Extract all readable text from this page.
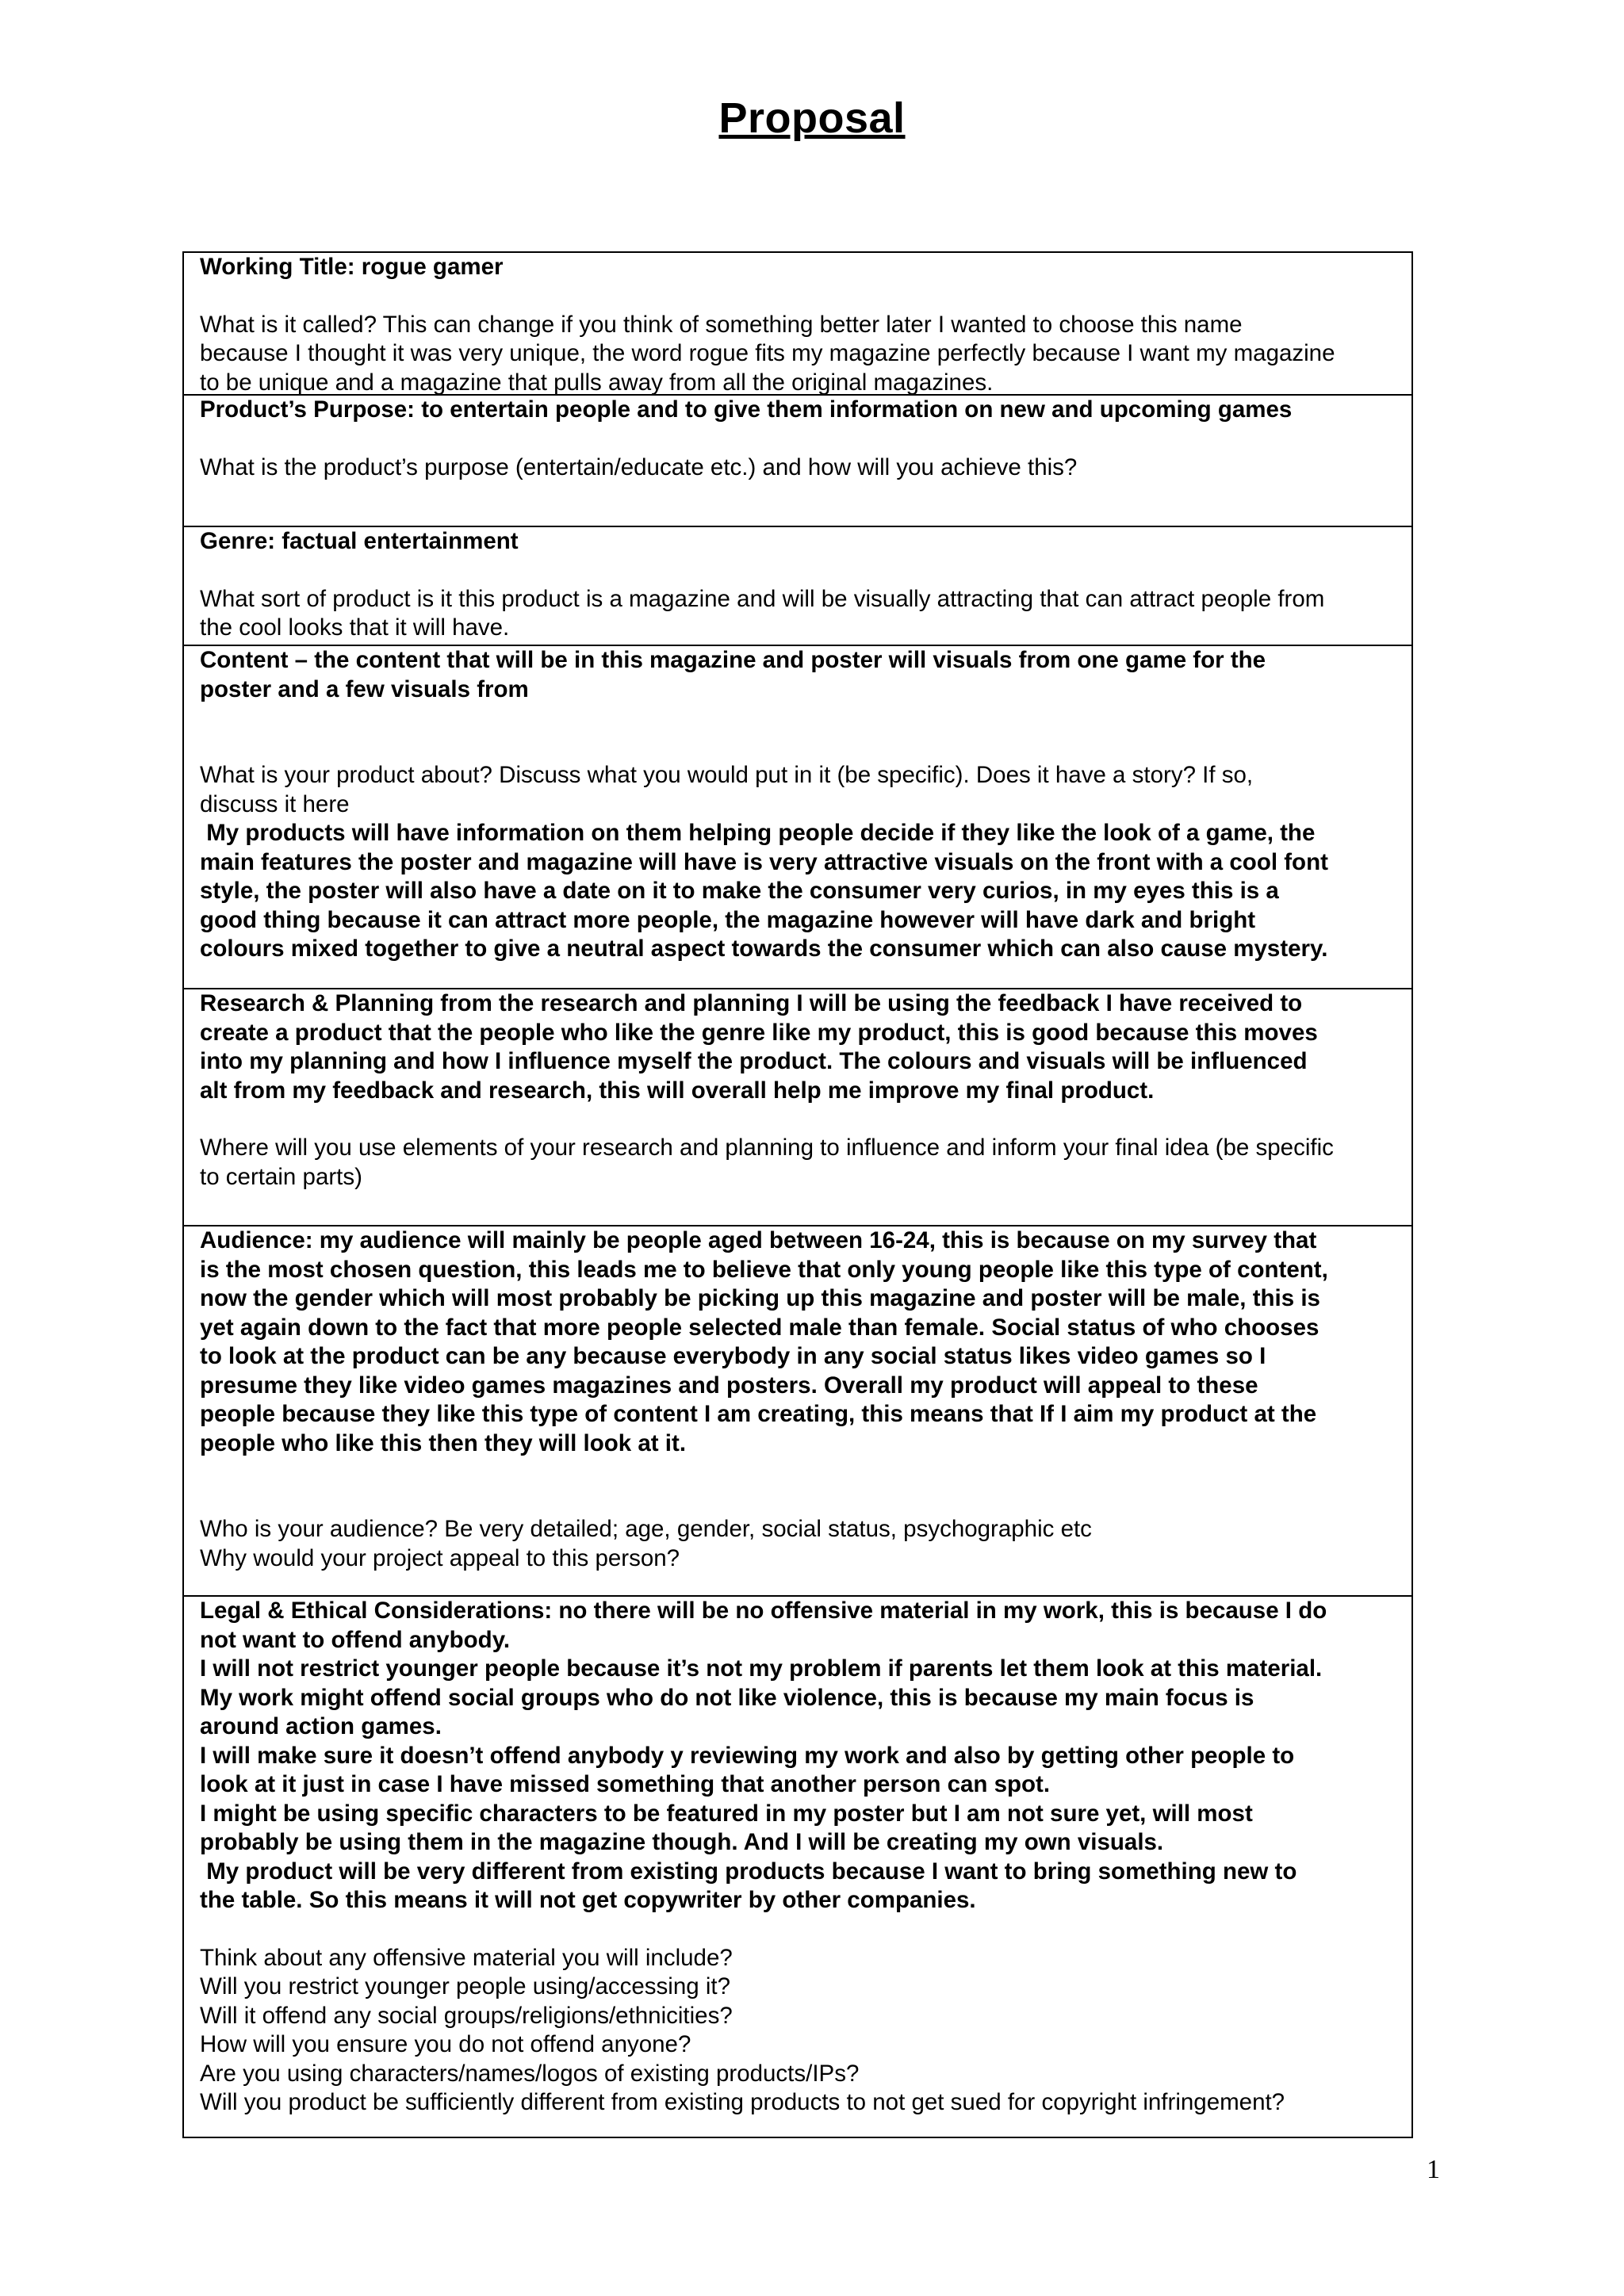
Proposal

Working Title: rogue gamer

What is it called? This can change if you think of something better later I wanted to choose this name

because I thought it was very unique, the word rogue fits my magazine perfectly because I want my magazine

to be unique and a magazine that pulls away from all the original magazines.

Product’s Purpose: to entertain people and to give them information on new and upcoming games

What is the product’s purpose (entertain/educate etc.) and how will you achieve this?

Genre: factual entertainment

What sort of product is it this product is a magazine and will be visually attracting that can attract people from

the cool looks that it will have.

Content – the content that will be in this magazine and poster will visuals from one game for the

poster and a few visuals from

What is your product about? Discuss what you would put in it (be specific). Does it have a story? If so,

discuss it here

My products will have information on them helping people decide if they like the look of a game, the

main features the poster and magazine will have is very attractive visuals on the front with a cool font

style, the poster will also have a date on it to make the consumer very curios, in my eyes this is a

good thing because it can attract more people, the magazine however will have dark and bright

colours mixed together to give a neutral aspect towards the consumer which can also cause mystery.

Research & Planning from the research and planning I will be using the feedback I have received to

create a product that the people who like the genre like my product, this is good because this moves

into my planning and how I influence myself the product. The colours and visuals will be influenced

alt from my feedback and research, this will overall help me improve my final product.

Where will you use elements of your research and planning to influence and inform your final idea (be specific

to certain parts)

Audience: my audience will mainly be people aged between 16-24, this is because on my survey that

is the most chosen question, this leads me to believe that only young people like this type of content,

now the gender which will most probably be picking up this magazine and poster will be male, this is

yet again down to the fact that more people selected male than female. Social status of who chooses

to look at the product can be any because everybody in any social status likes video games so I

presume they like video games magazines and posters. Overall my product will appeal to these

people because they like this type of content I am creating, this means that If I aim my product at the

people who like this then they will look at it.

Who is your audience? Be very detailed; age, gender, social status, psychographic etc

Why would your project appeal to this person?

Legal & Ethical Considerations: no there will be no offensive material in my work, this is because I do

not want to offend anybody.

I will not restrict younger people because it’s not my problem if parents let them look at this material.

My work might offend social groups who do not like violence, this is because my main focus is

around action games.

I will make sure it doesn’t offend anybody y reviewing my work and also by getting other people to

look at it just in case I have missed something that another person can spot.

I might be using specific characters to be featured in my poster but I am not sure yet, will most

probably be using them in the magazine though. And I will be creating my own visuals.

My product will be very different from existing products because I want to bring something new to

the table. So this means it will not get copywriter by other companies.

Think about any offensive material you will include?

Will you restrict younger people using/accessing it?

Will it offend any social groups/religions/ethnicities?

How will you ensure you do not offend anyone?

Are you using characters/names/logos of existing products/IPs?

Will you product be sufficiently different from existing products to not get sued for copyright infringement?

1
